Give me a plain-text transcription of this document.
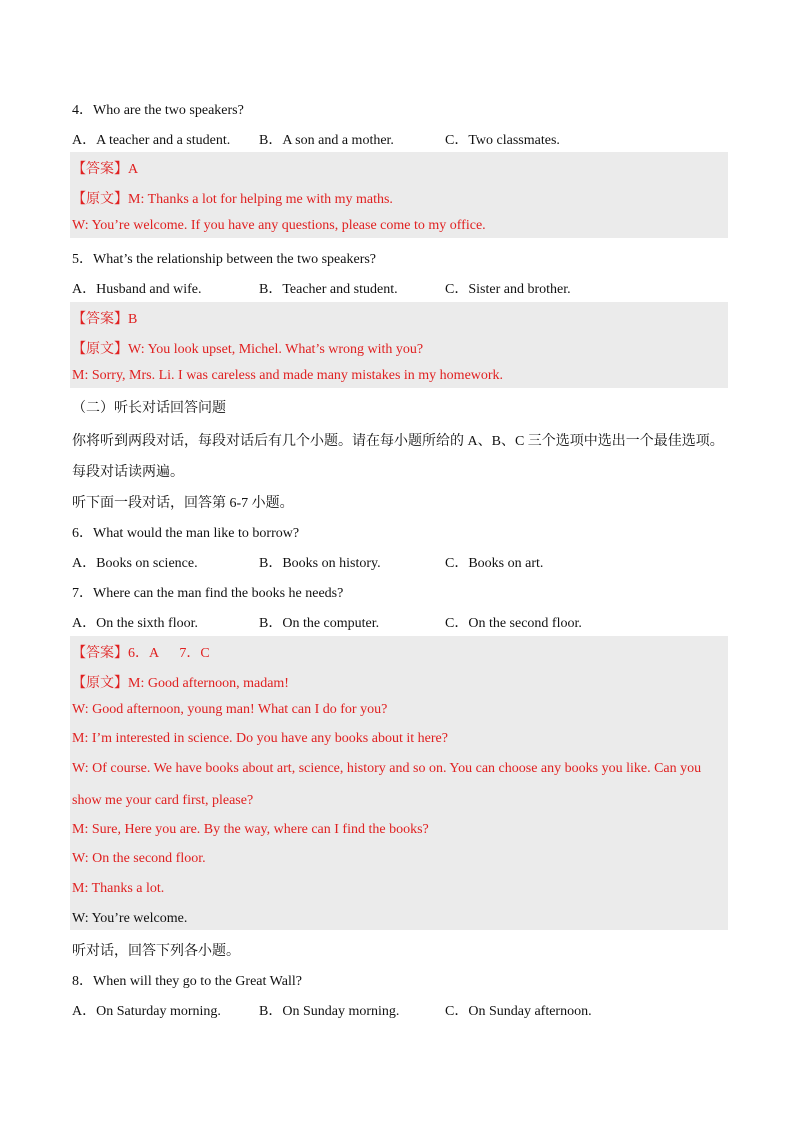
4．Who are the two speakers?
A．A teacher and a student. B．A son and a mother.	C．Two classmates.
【答案】A
【原文】M: Thanks a lot for helping me with my maths.
W: You’re welcome. If you have any questions, please come to my office.
5．What’s the relationship between the two speakers?
A．Husband and wife.	B．Teacher and student.	C．Sister and brother.
【答案】B
【原文】W: You look upset, Michel. What’s wrong with you?
M: Sorry, Mrs. Li. I was careless and made many mistakes in my homework.
（二）听长对话回答问题
你将听到两段对话，每段对话后有几个小题。请在每小题所给的 A、B、C 三个选项中选出一个最佳选项。
每段对话读两遍。
听下面一段对话，回答第 6-7 小题。
6．What would the man like to borrow?
A．Books on science.	B．Books on history.	C．Books on art.
7．Where can the man find the books he needs?
A．On the sixth floor.	B．On the computer.	C．On the second floor.
【答案】6．A      7．C
【原文】M: Good afternoon, madam!
W: Good afternoon, young man! What can I do for you?
M: I’m interested in science. Do you have any books about it here?
W: Of course. We have books about art, science, history and so on. You can choose any books you like. Can you
show me your card first, please?
M: Sure, Here you are. By the way, where can I find the books?
W: On the second floor.
M: Thanks a lot.
W: You’re welcome.
听对话，回答下列各小题。
8．When will they go to the Great Wall?
A．On Saturday morning.	B．On Sunday morning.	C．On Sunday afternoon.
